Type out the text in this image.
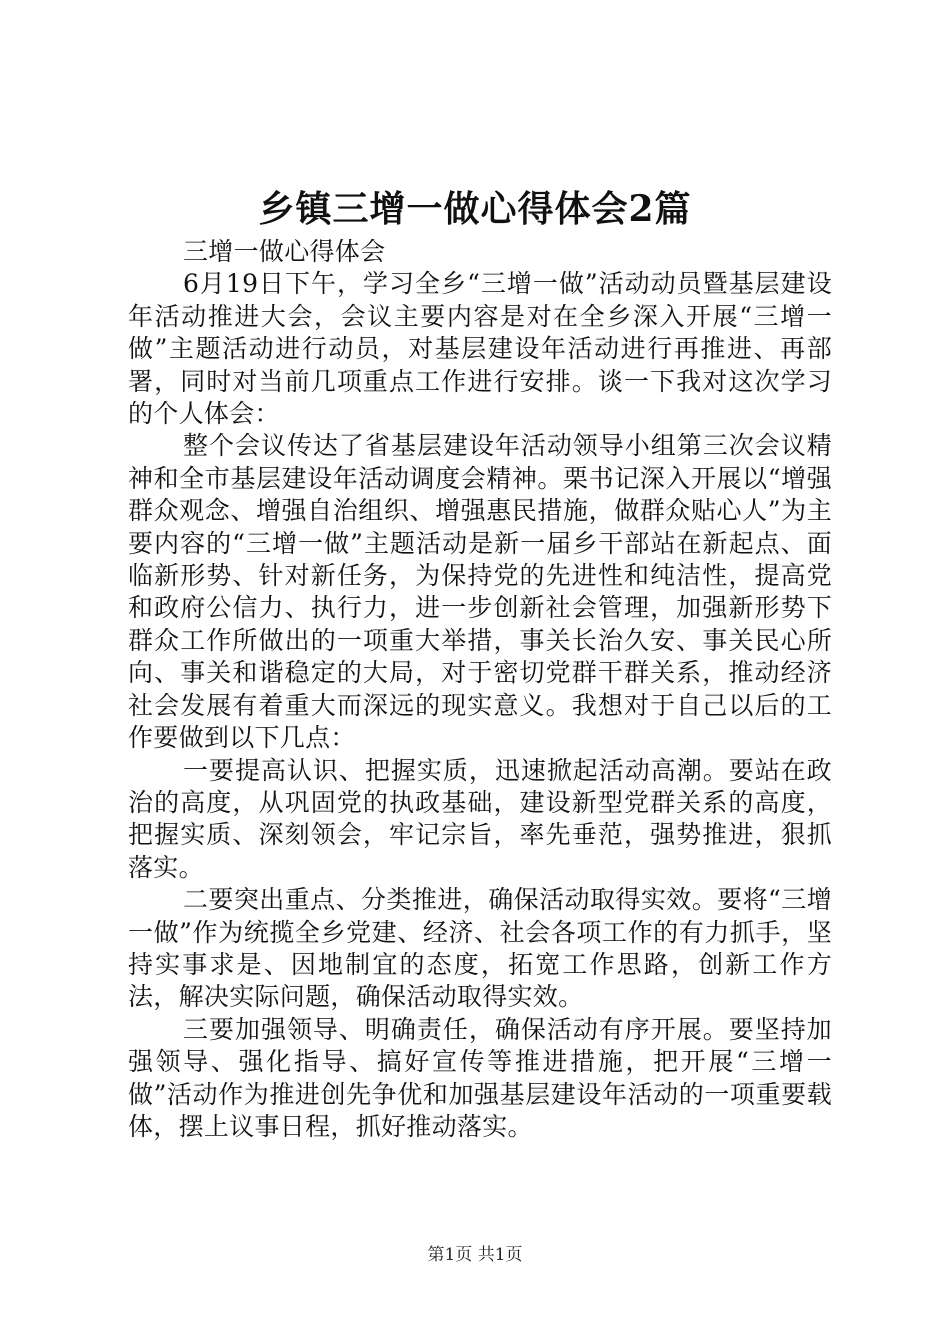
乡镇三增一做心得体会2篇

三增一做心得体会

6月19日下午，学习全乡“三增一做”活动动员暨基层建设年活动推进大会，会议主要内容是对在全乡深入开展“三增一做”主题活动进行动员，对基层建设年活动进行再推进、再部署，同时对当前几项重点工作进行安排。谈一下我对这次学习的个人体会：

整个会议传达了省基层建设年活动领导小组第三次会议精神和全市基层建设年活动调度会精神。栗书记深入开展以“增强群众观念、增强自治组织、增强惠民措施，做群众贴心人”为主要内容的“三增一做”主题活动是新一届乡干部站在新起点、面临新形势、针对新任务，为保持党的先进性和纯洁性，提高党和政府公信力、执行力，进一步创新社会管理，加强新形势下群众工作所做出的一项重大举措，事关长治久安、事关民心所向、事关和谐稳定的大局，对于密切党群干群关系，推动经济社会发展有着重大而深远的现实意义。我想对于自己以后的工作要做到以下几点：

一要提高认识、把握实质，迅速掀起活动高潮。要站在政治的高度，从巩固党的执政基础，建设新型党群关系的高度，把握实质、深刻领会，牢记宗旨，率先垂范，强势推进，狠抓落实。

二要突出重点、分类推进，确保活动取得实效。要将“三增一做”作为统揽全乡党建、经济、社会各项工作的有力抓手，坚持实事求是、因地制宜的态度，拓宽工作思路，创新工作方法，解决实际问题，确保活动取得实效。

三要加强领导、明确责任，确保活动有序开展。要坚持加强领导、强化指导、搞好宣传等推进措施，把开展“三增一做”活动作为推进创先争优和加强基层建设年活动的一项重要载体，摆上议事日程，抓好推动落实。

第1页 共1页
